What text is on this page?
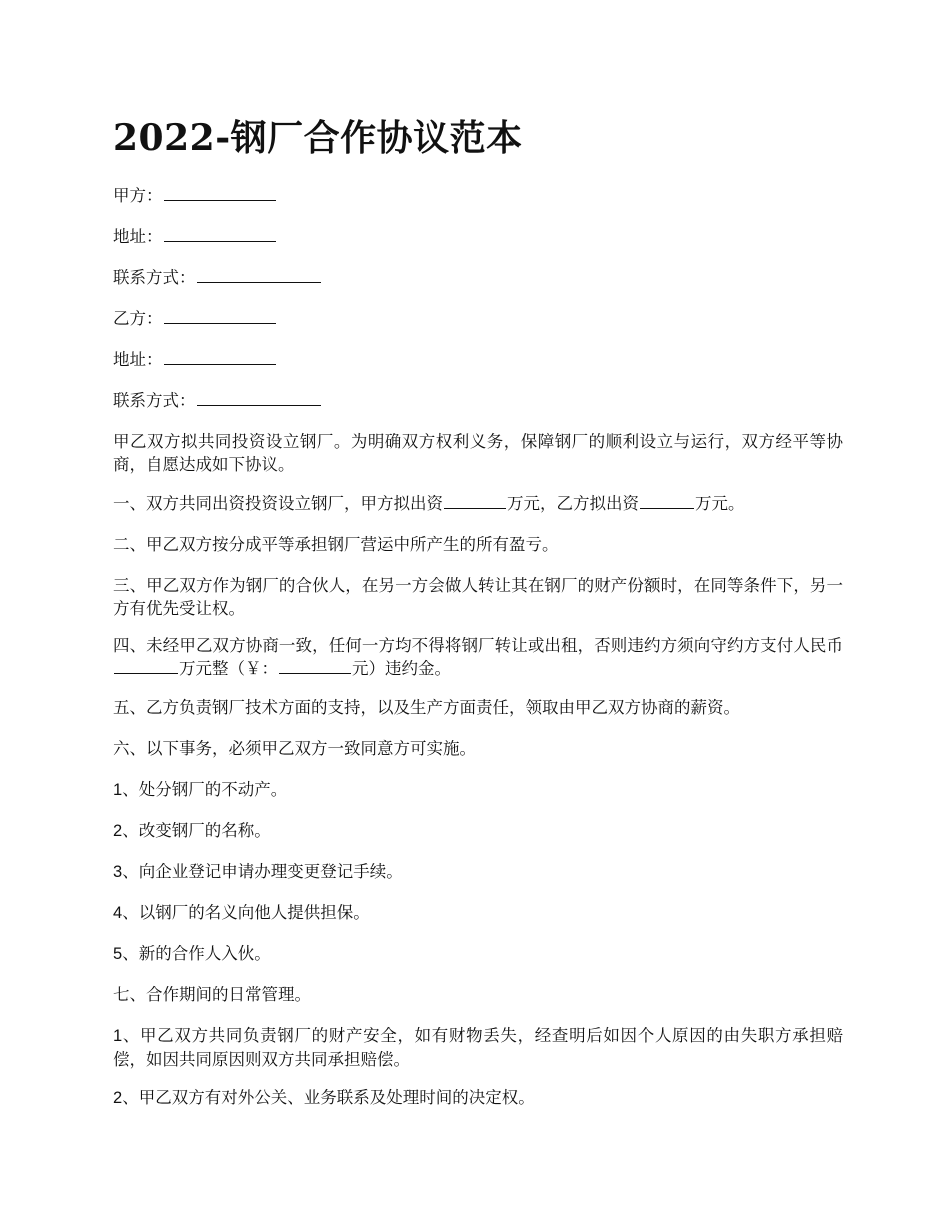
2022-钢厂合作协议范本

甲方：

地址：

联系方式：

乙方：

地址：

联系方式：

甲乙双方拟共同投资设立钢厂。为明确双方权利义务，保障钢厂的顺利设立与运行，双方经平等协商，自愿达成如下协议。

一、双方共同出资投资设立钢厂，甲方拟出资	万元，乙方拟出资	万元。

二、甲乙双方按分成平等承担钢厂营运中所产生的所有盈亏。

三、甲乙双方作为钢厂的合伙人，在另一方会做人转让其在钢厂的财产份额时，在同等条件下，另一方有优先受让权。

四、未经甲乙双方协商一致，任何一方均不得将钢厂转让或出租，否则违约方须向守约方支付人民币万元整（￥：	元）违约金。

五、乙方负责钢厂技术方面的支持，以及生产方面责任，领取由甲乙双方协商的薪资。

六、以下事务，必须甲乙双方一致同意方可实施。

1、处分钢厂的不动产。

2、改变钢厂的名称。

3、向企业登记申请办理变更登记手续。

4、以钢厂的名义向他人提供担保。

5、新的合作人入伙。

七、合作期间的日常管理。

1、甲乙双方共同负责钢厂的财产安全，如有财物丢失，经查明后如因个人原因的由失职方承担赔偿，如因共同原因则双方共同承担赔偿。

2、甲乙双方有对外公关、业务联系及处理时间的决定权。
